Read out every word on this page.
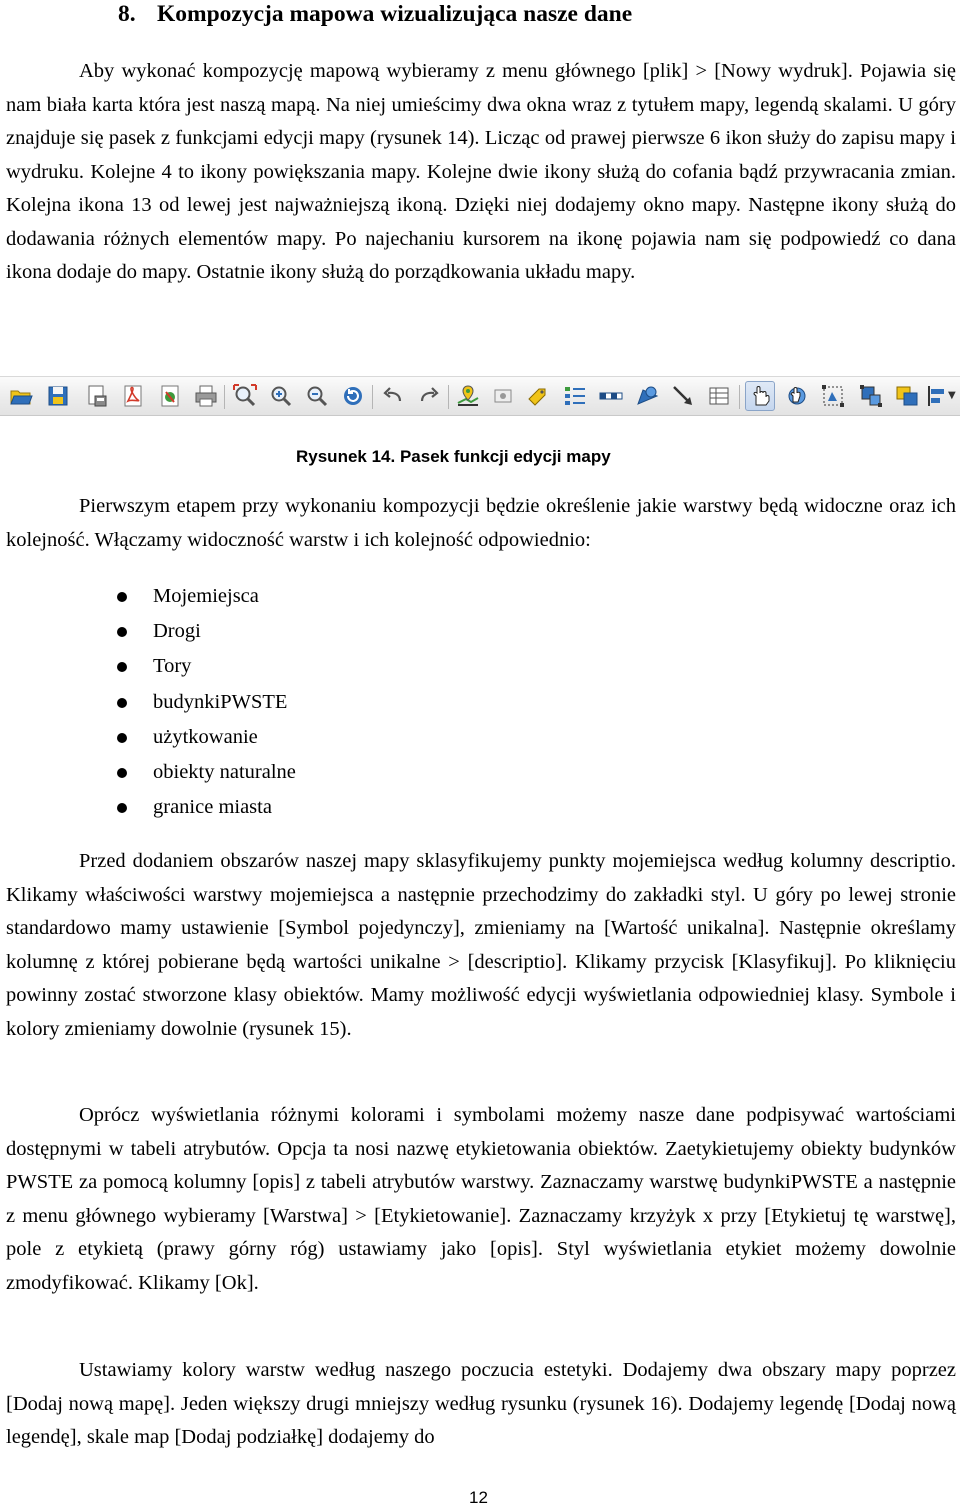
8. Kompozycja mapowa wizualizująca nasze dane

Aby wykonać kompozycję mapową wybieramy z menu głównego [plik] > [Nowy wydruk]. Pojawia się nam biała karta która jest naszą mapą. Na niej umieścimy dwa okna wraz z tytułem mapy, legendą skalami. U góry znajduje się pasek z funkcjami edycji mapy (rysunek 14). Licząc od prawej pierwsze 6 ikon służy do zapisu mapy i wydruku. Kolejne 4 to ikony powiększania mapy. Kolejne dwie ikony służą do cofania bądź przywracania zmian. Kolejna ikona 13 od lewej jest najważniejszą ikoną. Dzięki niej dodajemy okno mapy. Następne ikony służą do dodawania różnych elementów mapy. Po najechaniu kursorem na ikonę pojawia nam się podpowiedź co dana ikona dodaje do mapy. Ostatnie ikony służą do porządkowania układu mapy.

▼
Rysunek 14. Pasek funkcji edycji mapy

Pierwszym etapem przy wykonaniu kompozycji będzie określenie jakie warstwy będą widoczne oraz ich kolejność. Włączamy widoczność warstw i ich kolejność odpowiednio:

Mojemiejsca
Drogi
Tory
budynkiPWSTE
użytkowanie
obiekty naturalne
granice miasta

Przed dodaniem obszarów naszej mapy sklasyfikujemy punkty mojemiejsca według kolumny descriptio. Klikamy właściwości warstwy mojemiejsca a następnie przechodzimy do zakładki styl. U góry po lewej stronie standardowo mamy ustawienie [Symbol pojedynczy], zmieniamy na [Wartość unikalna]. Następnie określamy kolumnę z której pobierane będą wartości unikalne > [descriptio]. Klikamy przycisk [Klasyfikuj]. Po kliknięciu powinny zostać stworzone klasy obiektów. Mamy możliwość edycji wyświetlania odpowiedniej klasy. Symbole i kolory zmieniamy dowolnie (rysunek 15).

Oprócz wyświetlania różnymi kolorami i symbolami możemy nasze dane podpisywać wartościami dostępnymi w tabeli atrybutów. Opcja ta nosi nazwę etykietowania obiektów. Zaetykietujemy obiekty budynków PWSTE za pomocą kolumny [opis] z tabeli atrybutów warstwy. Zaznaczamy warstwę budynkiPWSTE a następnie z menu głównego wybieramy [Warstwa] > [Etykietowanie]. Zaznaczamy krzyżyk x przy [Etykietuj tę warstwę], pole z etykietą (prawy górny róg) ustawiamy jako [opis]. Styl wyświetlania etykiet możemy dowolnie zmodyfikować. Klikamy [Ok].

Ustawiamy kolory warstw według naszego poczucia estetyki. Dodajemy dwa obszary mapy poprzez [Dodaj nową mapę]. Jeden większy drugi mniejszy według rysunku (rysunek 16). Dodajemy legendę [Dodaj nową legendę], skale map [Dodaj podziałkę] dodajemy do

12
